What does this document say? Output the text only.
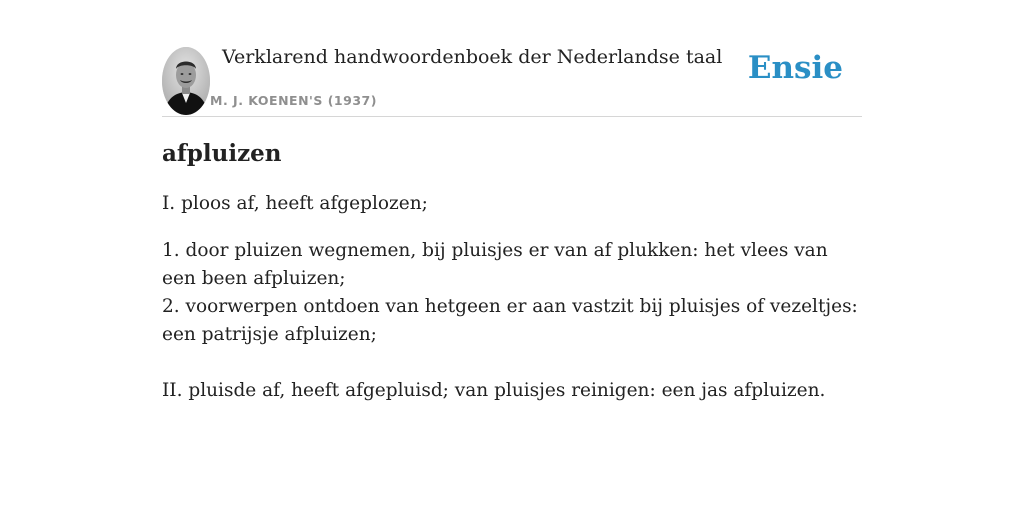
Verklarend handwoordenboek der Nederlandse taal
M. J. KOENEN'S (1937)
Ensie
afpluizen

I. ploos af, heeft afgeplozen;

1. door pluizen wegnemen, bij pluisjes er van af plukken: het vlees van een been afpluizen;
2. voorwerpen ontdoen van hetgeen er aan vastzit bij pluisjes of vezeltjes: een patrijsje afpluizen;

II. pluisde af, heeft afgepluisd; van pluisjes reinigen: een jas afpluizen.
